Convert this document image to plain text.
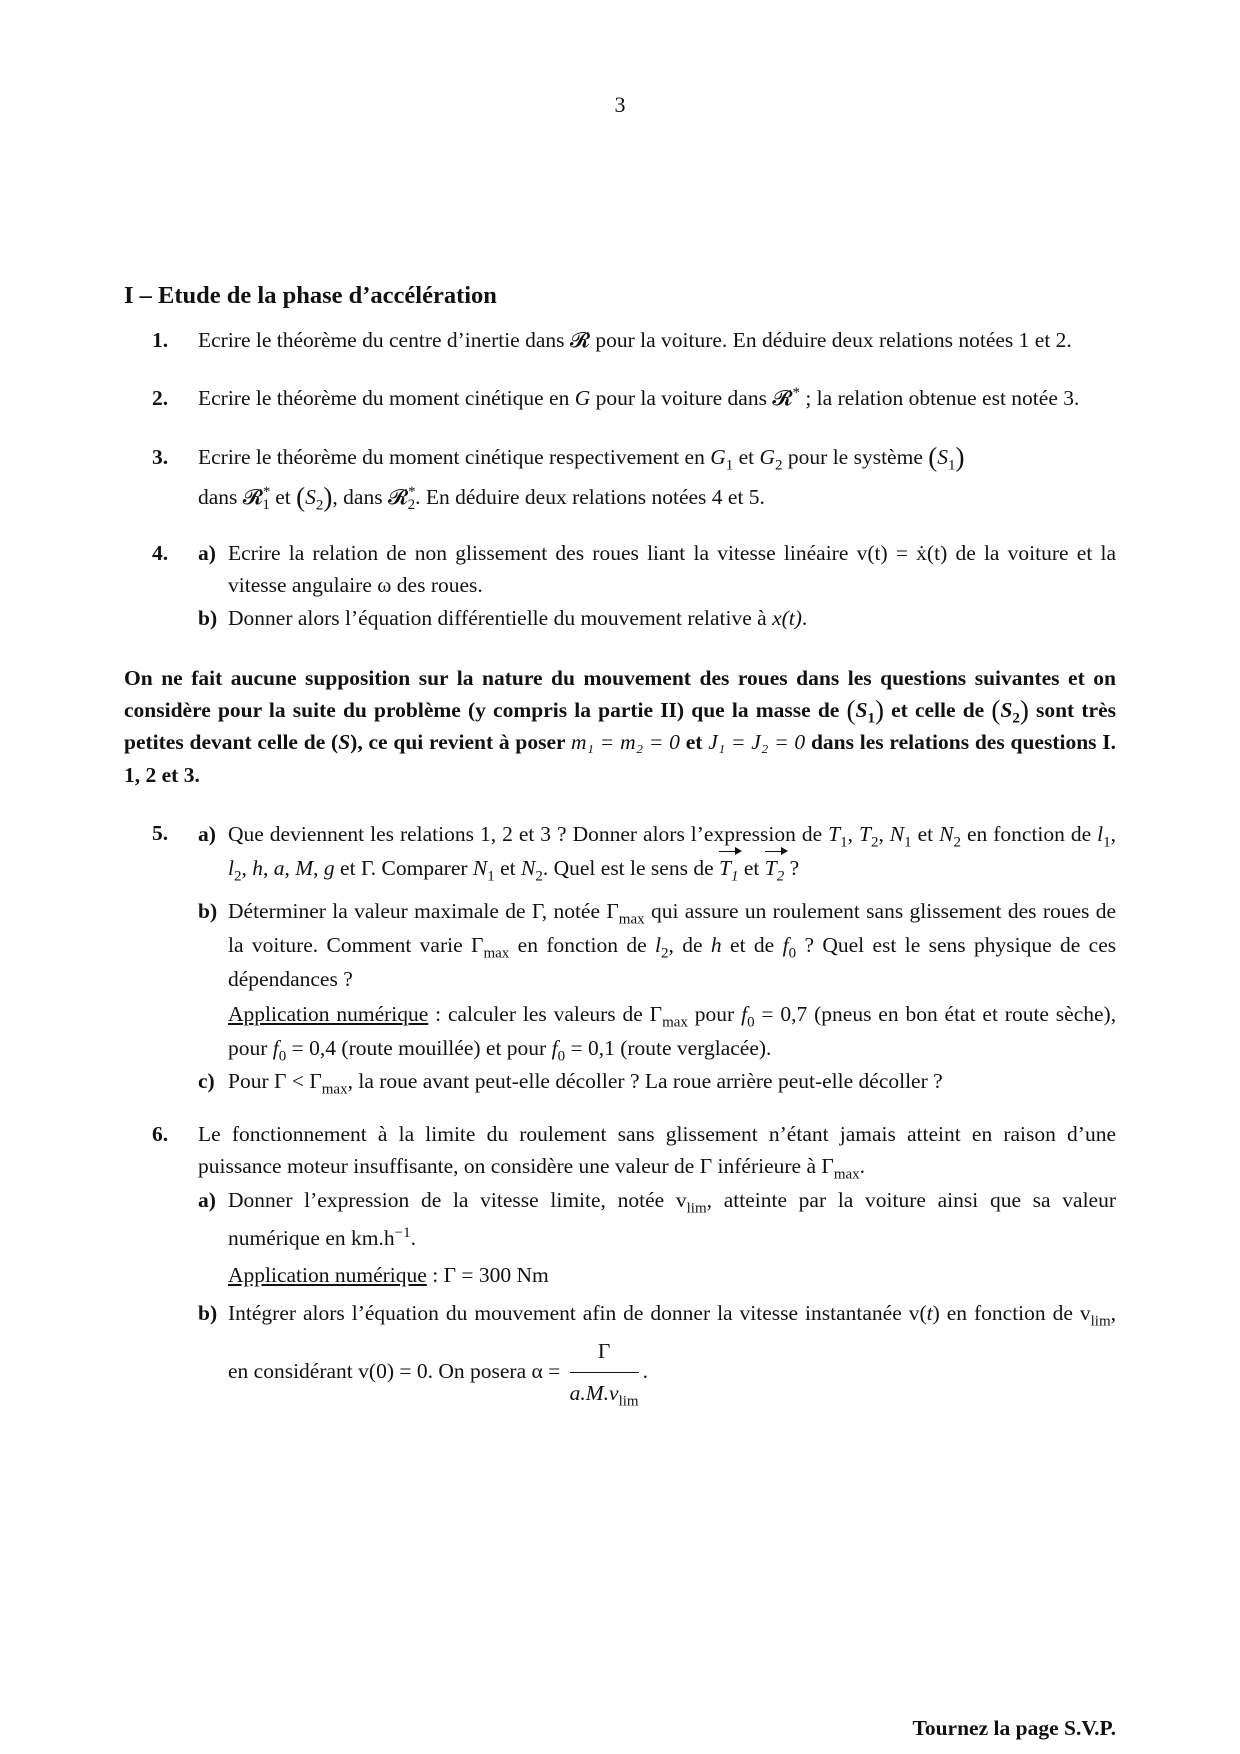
3
I – Etude de la phase d’accélération
1. Ecrire le théorème du centre d’inertie dans 𝓡 pour la voiture. En déduire deux relations notées 1 et 2.

2. Ecrire le théorème du moment cinétique en G pour la voiture dans 𝓡* ; la relation obtenue est notée 3.

3. Ecrire le théorème du moment cinétique respectivement en $G_1$ et $G_2$ pour le système $(S_1)$

dans 𝓡*$_1$ et $(S_2)$, dans 𝓡*$_2$. En déduire deux relations notées 4 et 5.

4. a) Ecrire la relation de non glissement des roues liant la vitesse linéaire v(t) = ẋ(t) de la voiture et la vitesse angulaire ω des roues.
b) Donner alors l’équation différentielle du mouvement relative à x(t).

On ne fait aucune supposition sur la nature du mouvement des roues dans les questions suivantes et on considère pour la suite du problème (y compris la partie II) que la masse de $(S_1)$ et celle de $(S_2)$ sont très petites devant celle de (S), ce qui revient à poser m₁ = m₂ = 0 et J₁ = J₂ = 0 dans les relations des questions I. 1, 2 et 3.

5. a) Que deviennent les relations 1, 2 et 3 ? Donner alors l’expression de $T_1$, $T_2$, $N_1$ et $N_2$ en fonction de $l_1$, $l_2$, h, a, M, g et Γ. Comparer $N_1$ et $N_2$. Quel est le sens de $T_1$ et $T_2$ ?
b) Déterminer la valeur maximale de Γ, notée $\Gamma_{max}$ qui assure un roulement sans glissement des roues de la voiture. Comment varie $\Gamma_{max}$ en fonction de $l_2$, de h et de $f_0$ ? Quel est le sens physique de ces dépendances ?
Application numérique : calculer les valeurs de $\Gamma_{max}$ pour $f_0 = 0,7$ (pneus en bon état et route sèche), pour $f_0 = 0,4$ (route mouillée) et pour $f_0 = 0,1$ (route verglacée).
c) Pour $\Gamma < \Gamma_{max}$, la roue avant peut-elle décoller ? La roue arrière peut-elle décoller ?
6. Le fonctionnement à la limite du roulement sans glissement n’étant jamais atteint en raison d’une puissance moteur insuffisante, on considère une valeur de Γ inférieure à $\Gamma_{max}$.

a) Donner l’expression de la vitesse limite, notée $v_{lim}$, atteinte par la voiture ainsi que sa valeur numérique en $km.h^{-1}$.
Application numérique : Γ = 300 Nm
b) Intégrer alors l’équation du mouvement afin de donner la vitesse instantanée v(t) en fonction de $v_{lim}$, en considérant v(0) = 0. On posera $\alpha = \frac{\Gamma}{a.M.v_{lim}}$ .
Tournez la page S.V.P.
